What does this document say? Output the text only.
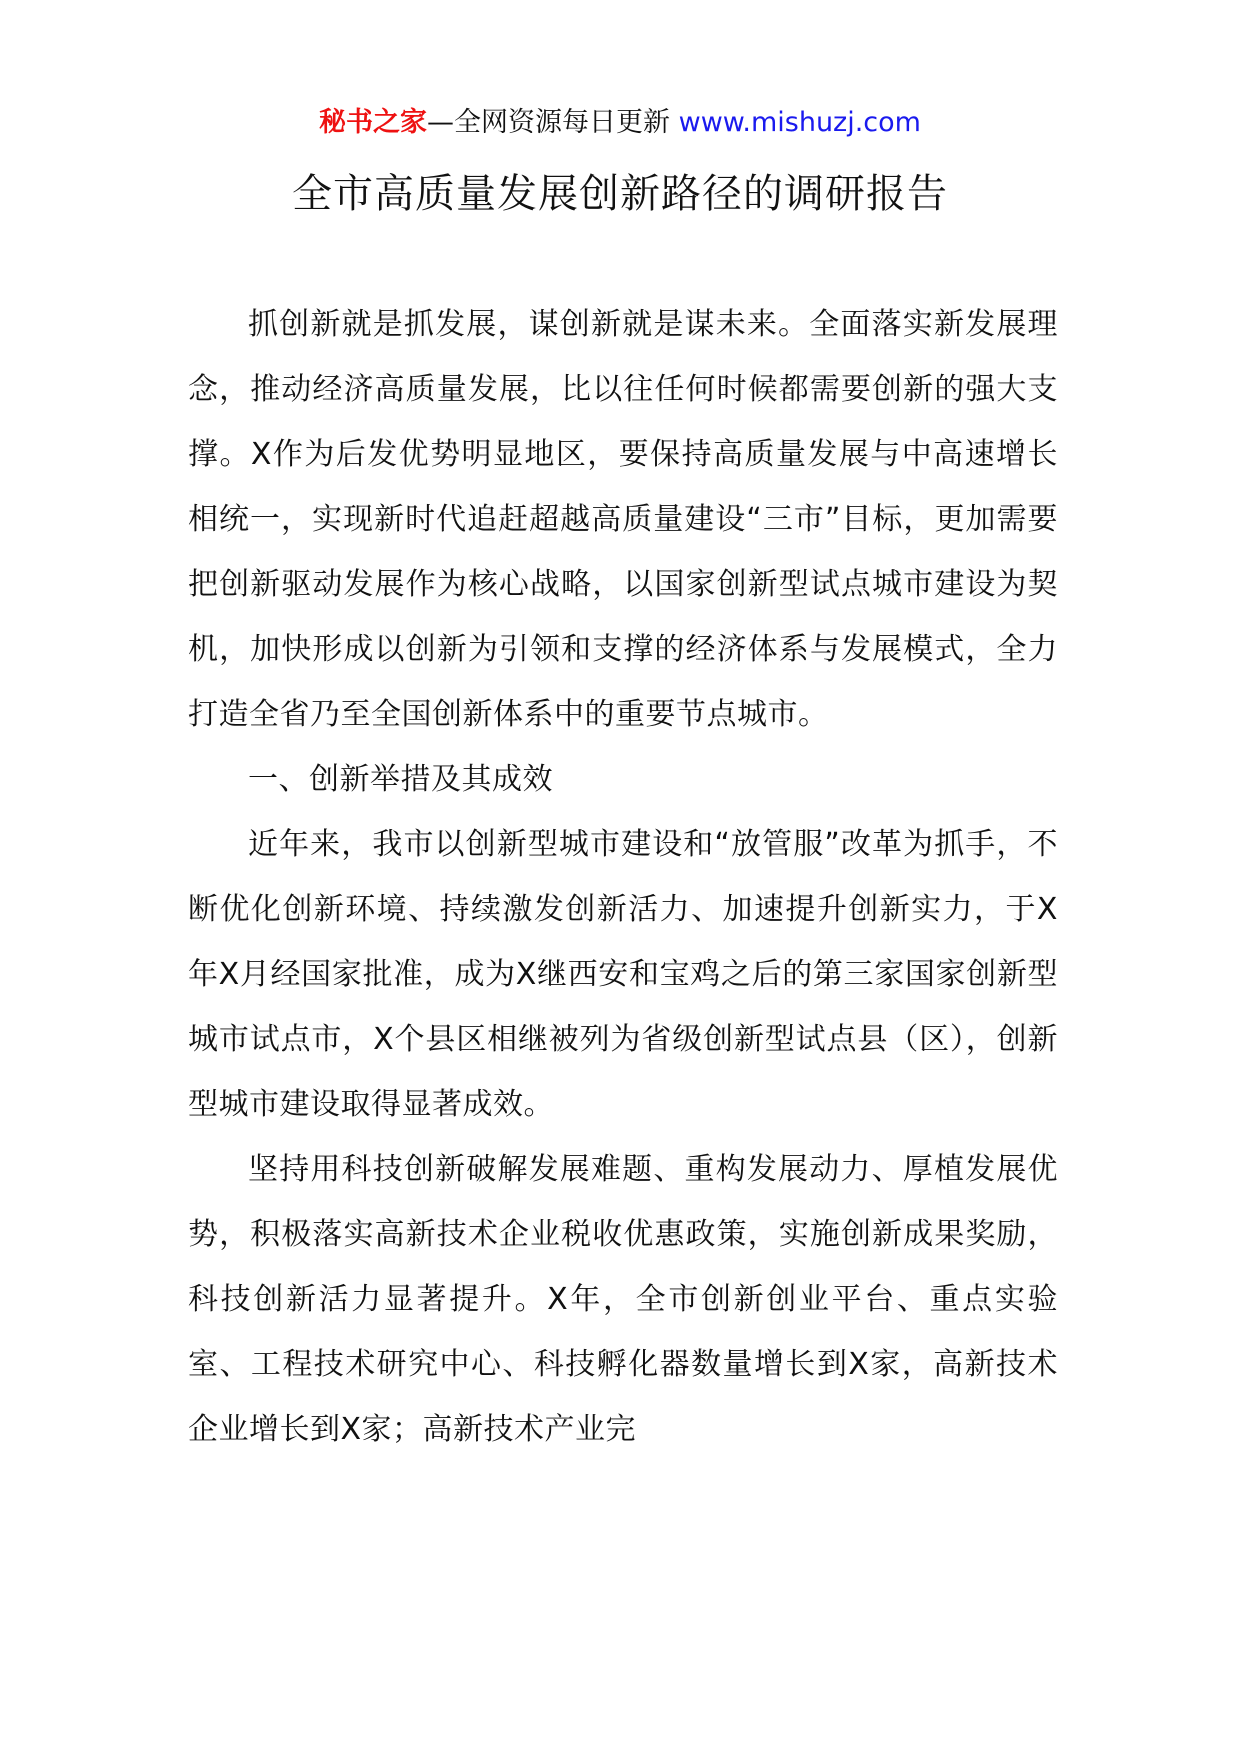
秘书之家—全网资源每日更新 www.mishuzj.com
全市高质量发展创新路径的调研报告

抓创新就是抓发展，谋创新就是谋未来。全面落实新发展理念，推动经济高质量发展，比以往任何时候都需要创新的强大支撑。X作为后发优势明显地区，要保持高质量发展与中高速增长相统一，实现新时代追赶超越高质量建设“三市”目标，更加需要把创新驱动发展作为核心战略，以国家创新型试点城市建设为契机，加快形成以创新为引领和支撑的经济体系与发展模式，全力打造全省乃至全国创新体系中的重要节点城市。

一、创新举措及其成效

近年来，我市以创新型城市建设和“放管服”改革为抓手，不断优化创新环境、持续激发创新活力、加速提升创新实力，于X年X月经国家批准，成为X继西安和宝鸡之后的第三家国家创新型城市试点市，X个县区相继被列为省级创新型试点县（区），创新型城市建设取得显著成效。

坚持用科技创新破解发展难题、重构发展动力、厚植发展优势，积极落实高新技术企业税收优惠政策，实施创新成果奖励，科技创新活力显著提升。X年，全市创新创业平台、重点实验室、工程技术研究中心、科技孵化器数量增长到X家，高新技术企业增长到X家；高新技术产业完
